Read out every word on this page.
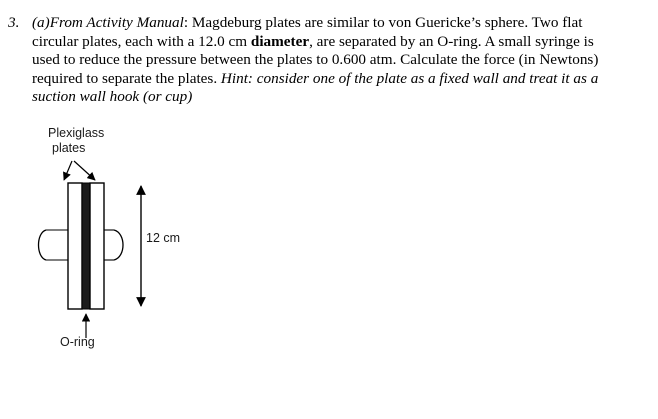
3. (a)From Activity Manual: Magdeburg plates are similar to von Guericke’s sphere. Two flat
circular plates, each with a 12.0 cm diameter, are separated by an O-ring. A small syringe is
used to reduce the pressure between the plates to 0.600 atm. Calculate the force (in Newtons)
required to separate the plates. Hint: consider one of the plate as a fixed wall and treat it as a
suction wall hook (or cup)
Plexiglass
plates
12 cm
O-ring
